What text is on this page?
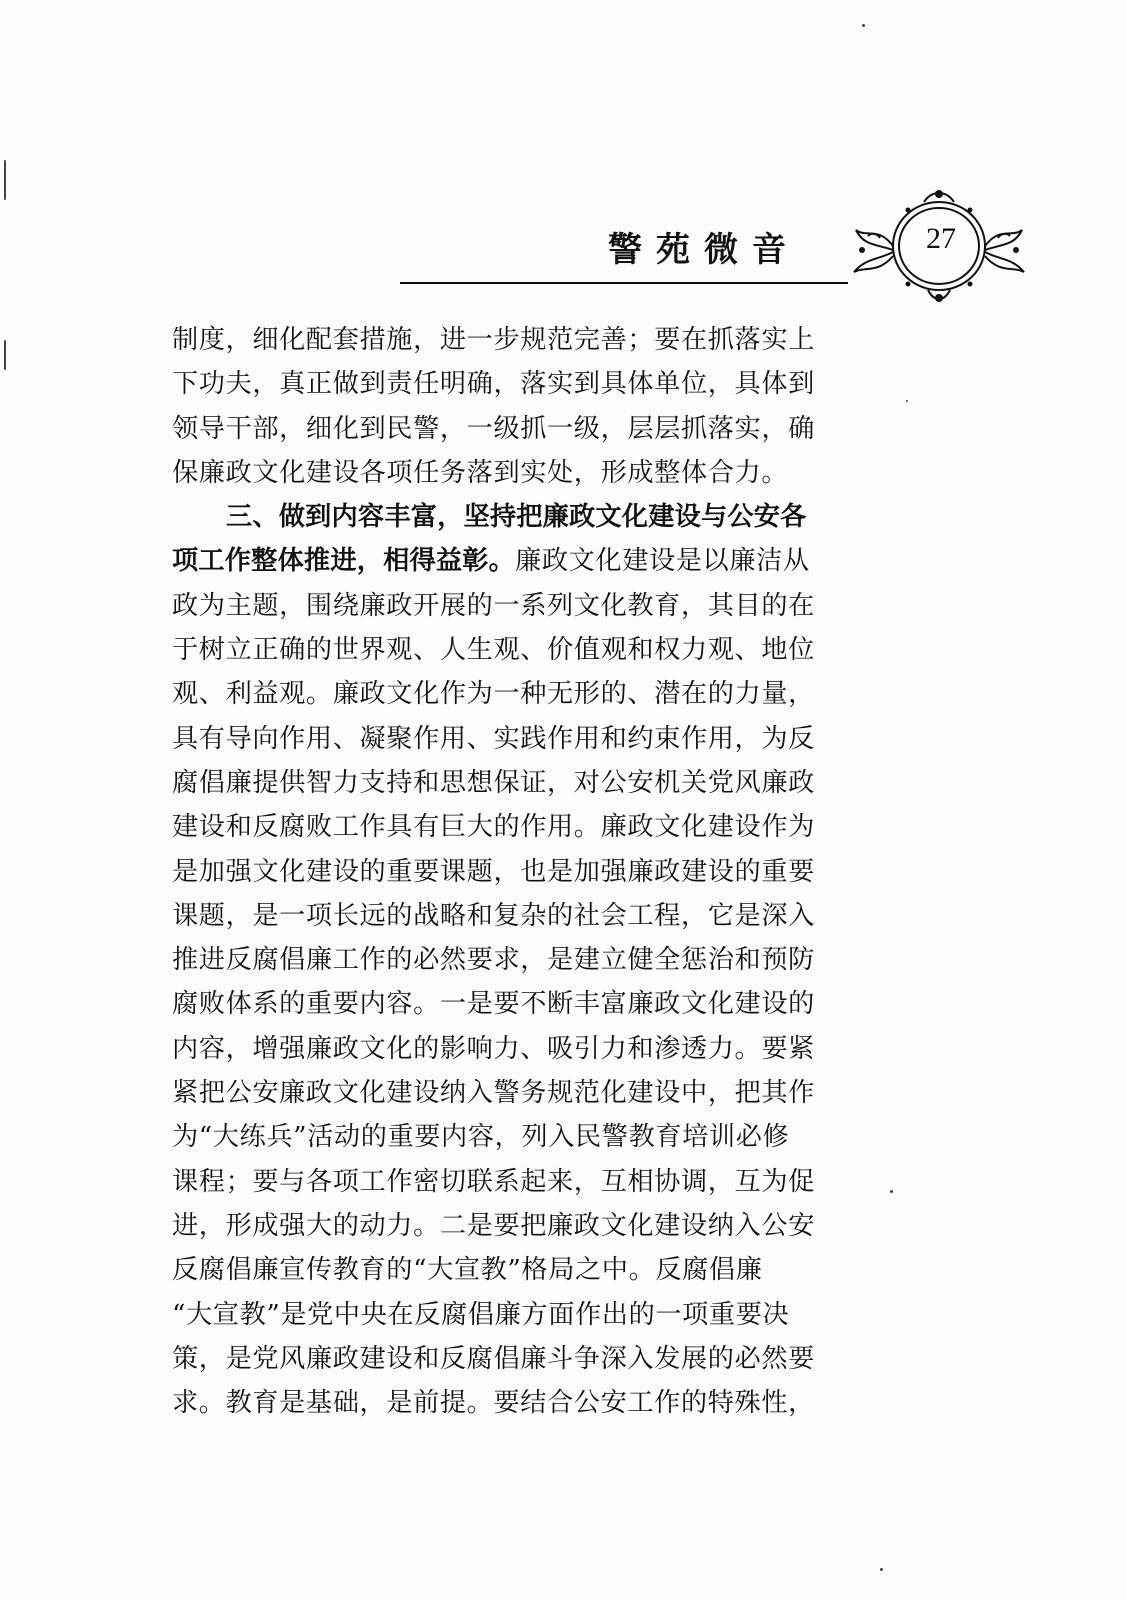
警苑微音	27
制度，细化配套措施，进一步规范完善；要在抓落实上
下功夫，真正做到责任明确，落实到具体单位，具体到
领导干部，细化到民警，一级抓一级，层层抓落实，确
保廉政文化建设各项任务落到实处，形成整体合力。
三、做到内容丰富，坚持把廉政文化建设与公安各
项工作整体推进，相得益彰。廉政文化建设是以廉洁从
政为主题，围绕廉政开展的一系列文化教育，其目的在
于树立正确的世界观、人生观、价值观和权力观、地位
观、利益观。廉政文化作为一种无形的、潜在的力量，
具有导向作用、凝聚作用、实践作用和约束作用，为反
腐倡廉提供智力支持和思想保证，对公安机关党风廉政
建设和反腐败工作具有巨大的作用。廉政文化建设作为
是加强文化建设的重要课题，也是加强廉政建设的重要
课题，是一项长远的战略和复杂的社会工程，它是深入
推进反腐倡廉工作的必然要求，是建立健全惩治和预防
腐败体系的重要内容。一是要不断丰富廉政文化建设的
内容，增强廉政文化的影响力、吸引力和渗透力。要紧
紧把公安廉政文化建设纳入警务规范化建设中，把其作
为“大练兵”活动的重要内容，列入民警教育培训必修
课程；要与各项工作密切联系起来，互相协调，互为促
进，形成强大的动力。二是要把廉政文化建设纳入公安
反腐倡廉宣传教育的“大宣教”格局之中。反腐倡廉
“大宣教”是党中央在反腐倡廉方面作出的一项重要决
策，是党风廉政建设和反腐倡廉斗争深入发展的必然要
求。教育是基础，是前提。要结合公安工作的特殊性，
